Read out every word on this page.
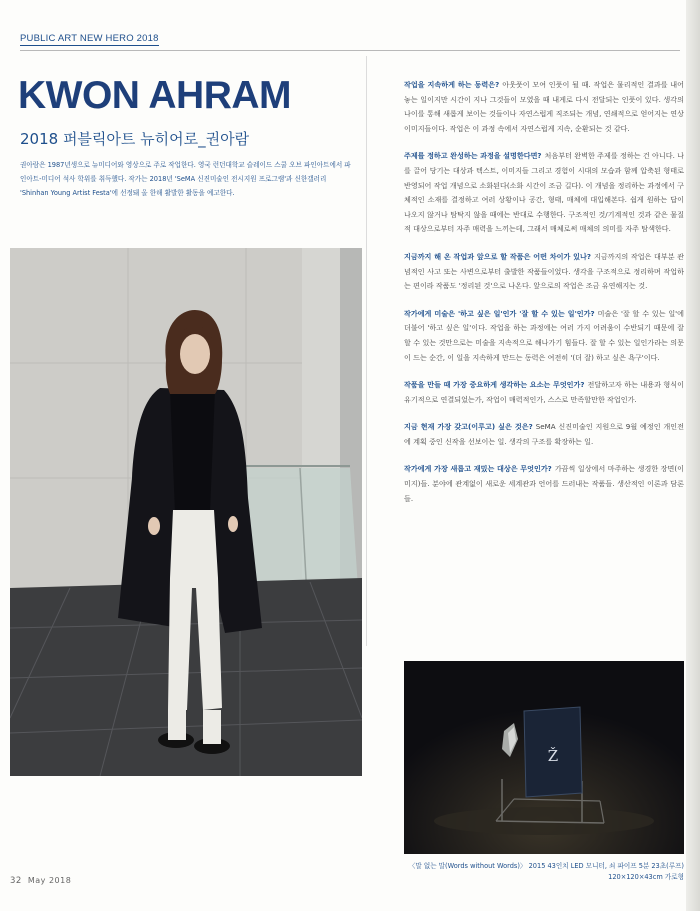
PUBLIC ART NEW HERO 2018
KWON AHRAM
2018 퍼블릭아트 뉴히어로_권아람

권아람은 1987년생으로 뉴미디어와 영상으로 주로 작업한다. 영국 런던대학교 슬레이드 스쿨 오브 파인아트에서 파인아트-미디어 석사 학위를 취득했다. 작가는 2018년 'SeMA 신진미술인 전시지원 프로그램'과 신한갤러리 'Shinhan Young Artist Festa'에 선정돼 올 한해 활발한 활동을 예고한다.

작업을 지속하게 하는 동력은? 아웃풋이 모여 인풋이 될 때. 작업은 물리적인 결과를 내어놓는 일이지만 시간이 지나 그것들이 모였을 때 내게로 다시 전달되는 인풋이 있다. 생각의 나이를 통해 새롭게 보이는 것들이나 자연스럽게 직조되는 개념, 연쇄적으로 얻어지는 연상이미지들이다. 작업은 이 과정 속에서 자연스럽게 지속, 순환되는 것 같다.

주제를 정하고 완성하는 과정을 설명한다면? 처음부터 완벽한 주제를 정하는 건 아니다. 나를 끌어 당기는 대상과 텍스트, 이미지들 그리고 경험이 시대의 모습과 함께 압축된 형태로 반영되어 작업 개념으로 소화된다(소화 시간이 조금 길다). 이 개념을 정리하는 과정에서 구체적인 소재를 결정하고 여러 상황이나 공간, 형태, 매체에 대입해본다. 쉽게 원하는 답이 나오지 않거나 탐탁지 않을 때에는 반대로 수행한다. 구조적인 것/기계적인 것과 같은 물질적 대상으로부터 자주 매력을 느끼는데, 그래서 매체로써 매체의 의미를 자주 탐색한다.

지금까지 해 온 작업과 앞으로 할 작품은 어떤 차이가 있나? 지금까지의 작업은 대부분 관념적인 사고 또는 사변으로부터 출발한 작품들이었다. 생각을 구조적으로 정리하며 작업하는 편이라 작품도 '정리된 것'으로 나온다. 앞으로의 작업은 조금 유연해지는 것.

작가에게 미술은 '하고 싶은 일'인가 '잘 할 수 있는 일'인가? 미술은 '잘 할 수 있는 일'에 더불어 '하고 싶은 일'이다. 작업을 하는 과정에는 여러 가지 어려움이 수반되기 때문에 잘 할 수 있는 것만으로는 미술을 지속적으로 해나가기 힘들다. 잘 할 수 있는 일인가라는 의문이 드는 순간, 이 일을 지속하게 만드는 동력은 여전히 '(더 잘) 하고 싶은 욕구'이다.

작품을 만들 때 가장 중요하게 생각하는 요소는 무엇인가? 전달하고자 하는 내용과 형식이 유기적으로 연결되었는가, 작업이 매력적인가, 스스로 만족할만한 작업인가.

지금 현재 가장 갖고(이루고) 싶은 것은? SeMA 신진미술인 지원으로 9월 예정인 개인전에 계획 중인 신작을 선보이는 일. 생각의 구조를 확장하는 일.

작가에게 가장 새롭고 재밌는 대상은 무엇인가? 가끔씩 일상에서 마주하는 생경한 장면(이미지)들. 분야에 관계없이 새로운 세계관과 언어를 드러내는 작품들. 생산적인 이론과 담론들.

Ž
〈말 없는 말(Words without Words)〉 2015 43인치 LED 모니터, 쇠 파이프 5분 23초(루프)
120×120×43cm 가로형
32 May 2018
